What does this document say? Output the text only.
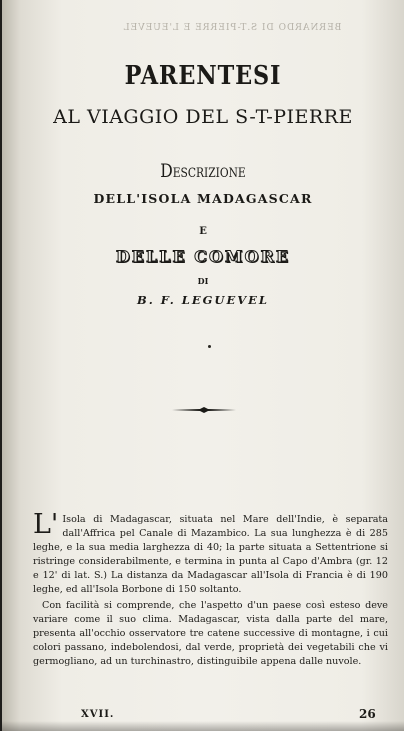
BERNARDO DI S.T-PIERRE E L'EUEVEL
PARENTESI
AL VIAGGIO DEL S-T-PIERRE
Descrizione
DELL'ISOLA MADAGASCAR
E
DELLE COMORE
DI
B. F. LEGUEVEL
L' Isola di Madagascar, situata nel Mare dell'Indie, è separata dall'Affrica pel Canale di Mazambico. La sua lunghezza è di 285 leghe, e la sua media larghezza di 40; la parte situata a Settentrione si ristringe considerabilmente, e termina in punta al Capo d'Ambra (gr. 12 e 12' di lat. S.) La distanza da Madagascar all'Isola di Francia è di 190 leghe, ed all'Isola Borbone di 150 soltanto.
Con facilità si comprende, che l'aspetto d'un paese così esteso deve variare come il suo clima. Madagascar, vista dalla parte del mare, presenta all'occhio osservatore tre catene successive di montagne, i cui colori passano, indebolendosi, dal verde, proprietà dei vegetabili che vi germogliano, ad un turchinastro, distinguibile appena dalle nuvole.
XVII.	26
